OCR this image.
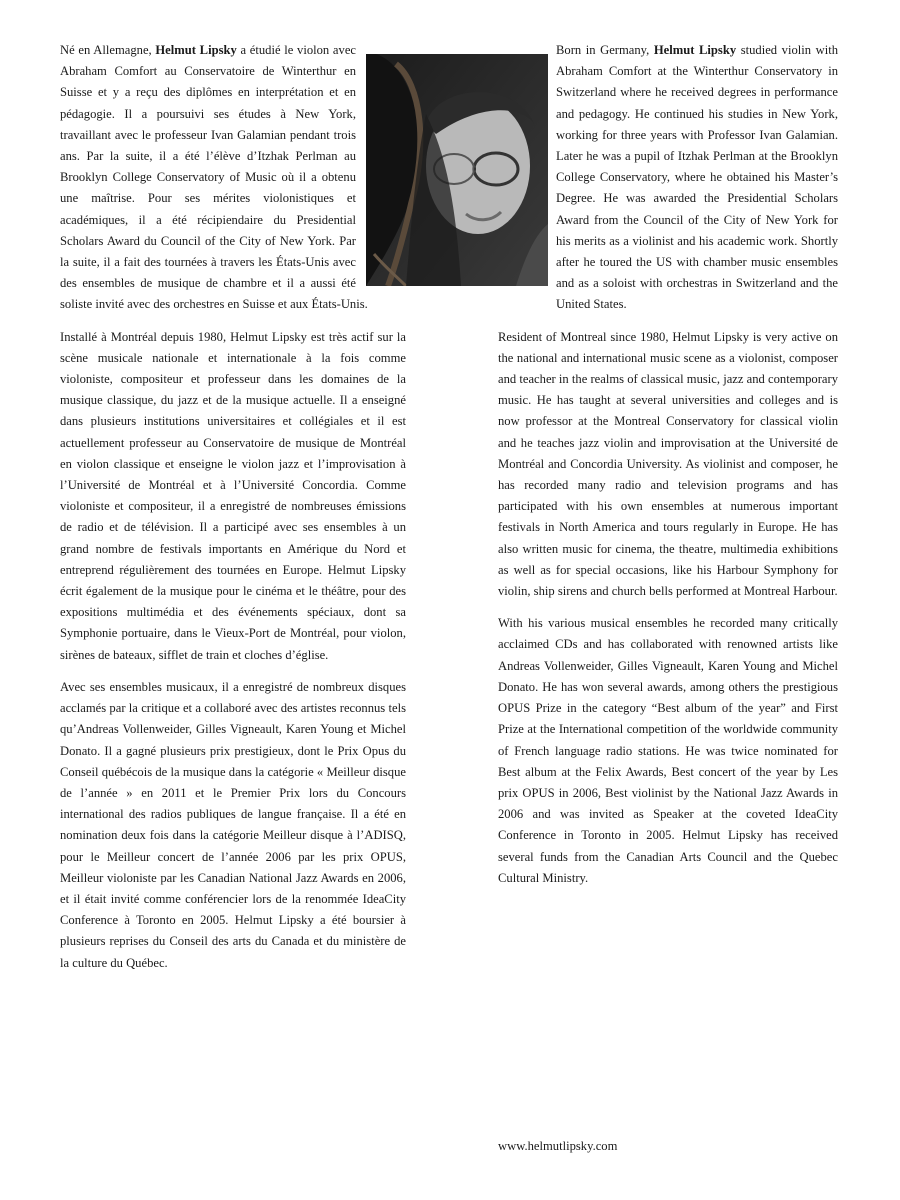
Né en Allemagne, Helmut Lipsky a étudié le violon avec Abraham Comfort au Conservatoire de Winterthur en Suisse et y a reçu des diplômes en interprétation et en pédagogie. Il a poursuivi ses études à New York, travaillant avec le professeur Ivan Galamian pendant trois ans. Par la suite, il a été l’élève d’Itzhak Perlman au Brooklyn College Conservatory of Music où il a obtenu une maîtrise. Pour ses mérites violonistiques et académiques, il a été récipiendaire du Presidential Scholars Award du Council of the City of New York. Par la suite, il a fait des tournées à travers les États-Unis avec des ensembles de musique de chambre et il a aussi été soliste invité avec des orchestres en Suisse et aux États-Unis.

Installé à Montréal depuis 1980, Helmut Lipsky est très actif sur la scène musicale nationale et internationale à la fois comme violoniste, compositeur et professeur dans les domaines de la musique classique, du jazz et de la musique actuelle. Il a enseigné dans plusieurs institutions universitaires et collégiales et il est actuellement professeur au Conservatoire de musique de Montréal en violon classique et enseigne le violon jazz et l’improvisation à l’Université de Montréal et à l’Université Concordia. Comme violoniste et compositeur, il a enregistré de nombreuses émissions de radio et de télévision. Il a participé avec ses ensembles à un grand nombre de festivals importants en Amérique du Nord et entreprend régulièrement des tournées en Europe. Helmut Lipsky écrit également de la musique pour le cinéma et le théâtre, pour des expositions multimédia et des événements spéciaux, dont sa Symphonie portuaire, dans le Vieux-Port de Montréal, pour violon, sirènes de bateaux, sifflet de train et cloches d’église.

Avec ses ensembles musicaux, il a enregistré de nombreux disques acclamés par la critique et a collaboré avec des artistes reconnus tels qu’Andreas Vollenweider, Gilles Vigneault, Karen Young et Michel Donato. Il a gagné plusieurs prix prestigieux, dont le Prix Opus du Conseil québécois de la musique dans la catégorie « Meilleur disque de l’année » en 2011 et le Premier Prix lors du Concours international des radios publiques de langue française. Il a été en nomination deux fois dans la catégorie Meilleur disque à l’ADISQ, pour le Meilleur concert de l’année 2006 par les prix OPUS, Meilleur violoniste par les Canadian National Jazz Awards en 2006, et il était invité comme conférencier lors de la renommée IdeaCity Conference à Toronto en 2005. Helmut Lipsky a été boursier à plusieurs reprises du Conseil des arts du Canada et du ministère de la culture du Québec.

Born in Germany, Helmut Lipsky studied violin with Abraham Comfort at the Winterthur Conservatory in Switzerland where he received degrees in performance and pedagogy. He continued his studies in New York, working for three years with Professor Ivan Galamian. Later he was a pupil of Itzhak Perlman at the Brooklyn College Conservatory, where he obtained his Master’s Degree. He was awarded the Presidential Scholars Award from the Council of the City of New York for his merits as a violinist and his academic work. Shortly after he toured the US with chamber music ensembles and as a soloist with orchestras in Switzerland and the United States.

Resident of Montreal since 1980, Helmut Lipsky is very active on the national and international music scene as a violonist, composer and teacher in the realms of classical music, jazz and contemporary music. He has taught at several universities and colleges and is now professor at the Montreal Conservatory for classical violin and he teaches jazz violin and improvisation at the Université de Montréal and Concordia University. As violinist and composer, he has recorded many radio and television programs and has participated with his own ensembles at numerous important festivals in North America and tours regularly in Europe. He has also written music for cinema, the theatre, multimedia exhibitions as well as for special occasions, like his Harbour Symphony for violin, ship sirens and church bells performed at Montreal Harbour.

With his various musical ensembles he recorded many critically acclaimed CDs and has collaborated with renowned artists like Andreas Vollenweider, Gilles Vigneault, Karen Young and Michel Donato. He has won several awards, among others the prestigious OPUS Prize in the category “Best album of the year” and First Prize at the International competition of the worldwide community of French language radio stations. He was twice nominated for Best album at the Felix Awards, Best concert of the year by Les prix OPUS in 2006, Best violinist by the National Jazz Awards in 2006 and was invited as Speaker at the coveted IdeaCity Conference in Toronto in 2005. Helmut Lipsky has received several funds from the Canadian Arts Council and the Quebec Cultural Ministry.

www.helmutlipsky.com
